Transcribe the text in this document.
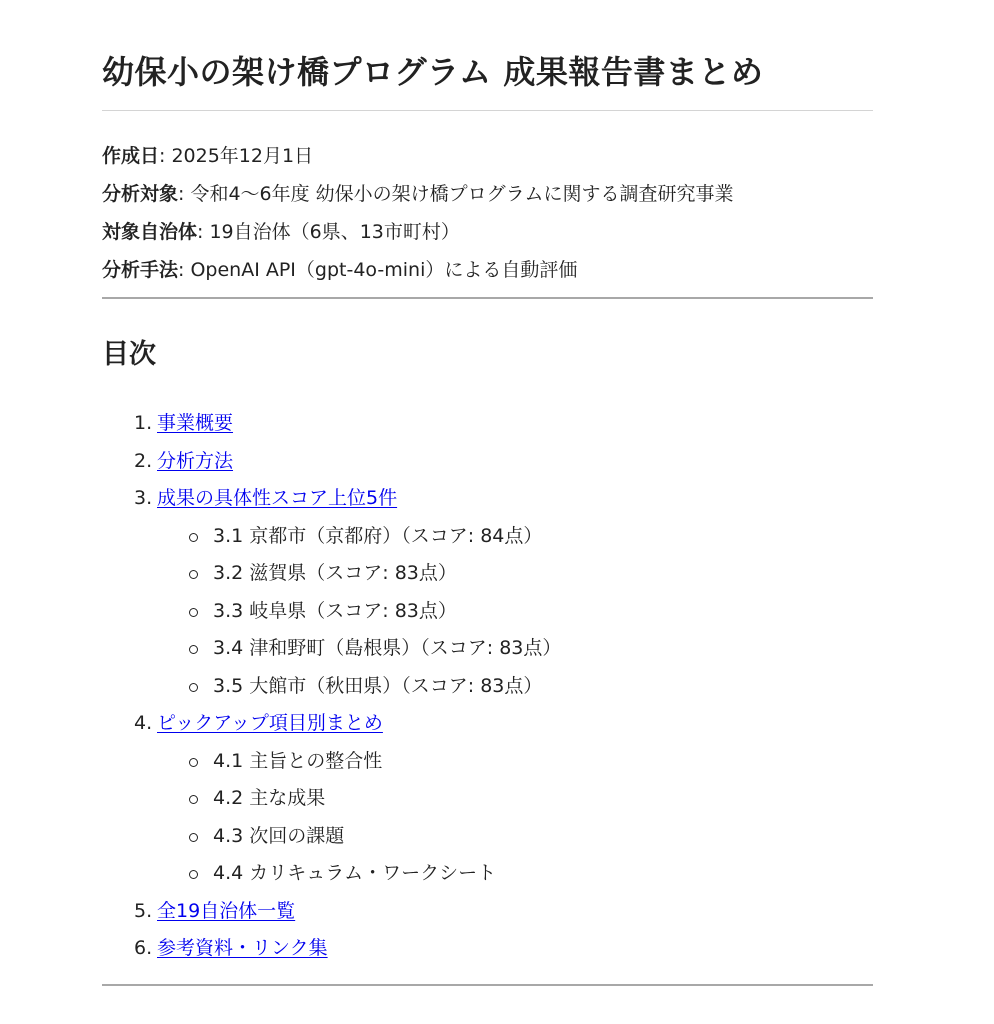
幼保小の架け橋プログラム 成果報告書まとめ
作成日: 2025年12月1日
分析対象: 令和4〜6年度 幼保小の架け橋プログラムに関する調査研究事業
対象自治体: 19自治体（6県、13市町村）
分析手法: OpenAI API（gpt-4o-mini）による自動評価
目次
1. 事業概要
2. 分析方法
3. 成果の具体性スコア上位5件
3.1 京都市（京都府）（スコア: 84点）
3.2 滋賀県（スコア: 83点）
3.3 岐阜県（スコア: 83点）
3.4 津和野町（島根県）（スコア: 83点）
3.5 大館市（秋田県）（スコア: 83点）
4. ピックアップ項目別まとめ
4.1 主旨との整合性
4.2 主な成果
4.3 次回の課題
4.4 カリキュラム・ワークシート
5. 全19自治体一覧
6. 参考資料・リンク集
